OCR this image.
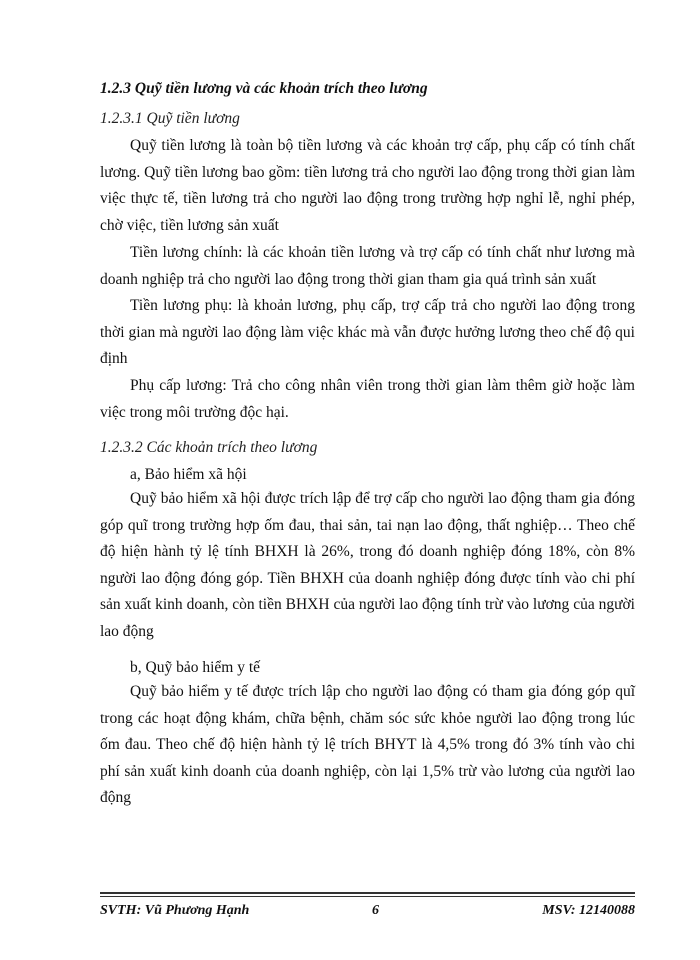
1.2.3 Quỹ tiền lương và các khoản trích theo lương
1.2.3.1 Quỹ tiền lương

Quỹ tiền lương là toàn bộ tiền lương và các khoản trợ cấp, phụ cấp có tính chất lương. Quỹ tiền lương bao gồm: tiền lương trả cho người lao động trong thời gian làm việc thực tế, tiền lương trả cho người lao động trong trường hợp nghỉ lễ, nghỉ phép, chờ việc, tiền lương sản xuất

Tiền lương chính: là các khoản tiền lương và trợ cấp có tính chất như lương mà doanh nghiệp trả cho người lao động trong thời gian tham gia quá trình sản xuất

Tiền lương phụ: là khoản lương, phụ cấp, trợ cấp trả cho người lao động trong thời gian mà người lao động làm việc khác mà vẫn được hưởng lương theo chế độ qui định

Phụ cấp lương: Trả cho công nhân viên trong thời gian làm thêm giờ hoặc làm việc trong môi trường độc hại.

1.2.3.2 Các khoản trích theo lương
a, Bảo hiểm xã hội

Quỹ bảo hiểm xã hội được trích lập để trợ cấp cho người lao động tham gia đóng góp quĩ trong trường hợp ốm đau, thai sản, tai nạn lao động, thất nghiệp… Theo chế độ hiện hành tỷ lệ tính BHXH là 26%, trong đó doanh nghiệp đóng 18%, còn 8% người lao động đóng góp. Tiền BHXH của doanh nghiệp đóng được tính vào chi phí sản xuất kinh doanh, còn tiền BHXH của người lao động tính trừ vào lương của người lao động

b, Quỹ bảo hiểm y tế

Quỹ bảo hiểm y tế được trích lập cho người lao động có tham gia đóng góp quĩ trong các hoạt động khám, chữa bệnh, chăm sóc sức khỏe người lao động trong lúc ốm đau. Theo chế độ hiện hành tỷ lệ trích BHYT là 4,5% trong đó 3% tính vào chi phí sản xuất kinh doanh của doanh nghiệp, còn lại 1,5% trừ vào lương của người lao động

SVTH: Vũ Phương Hạnh	6	MSV: 12140088
